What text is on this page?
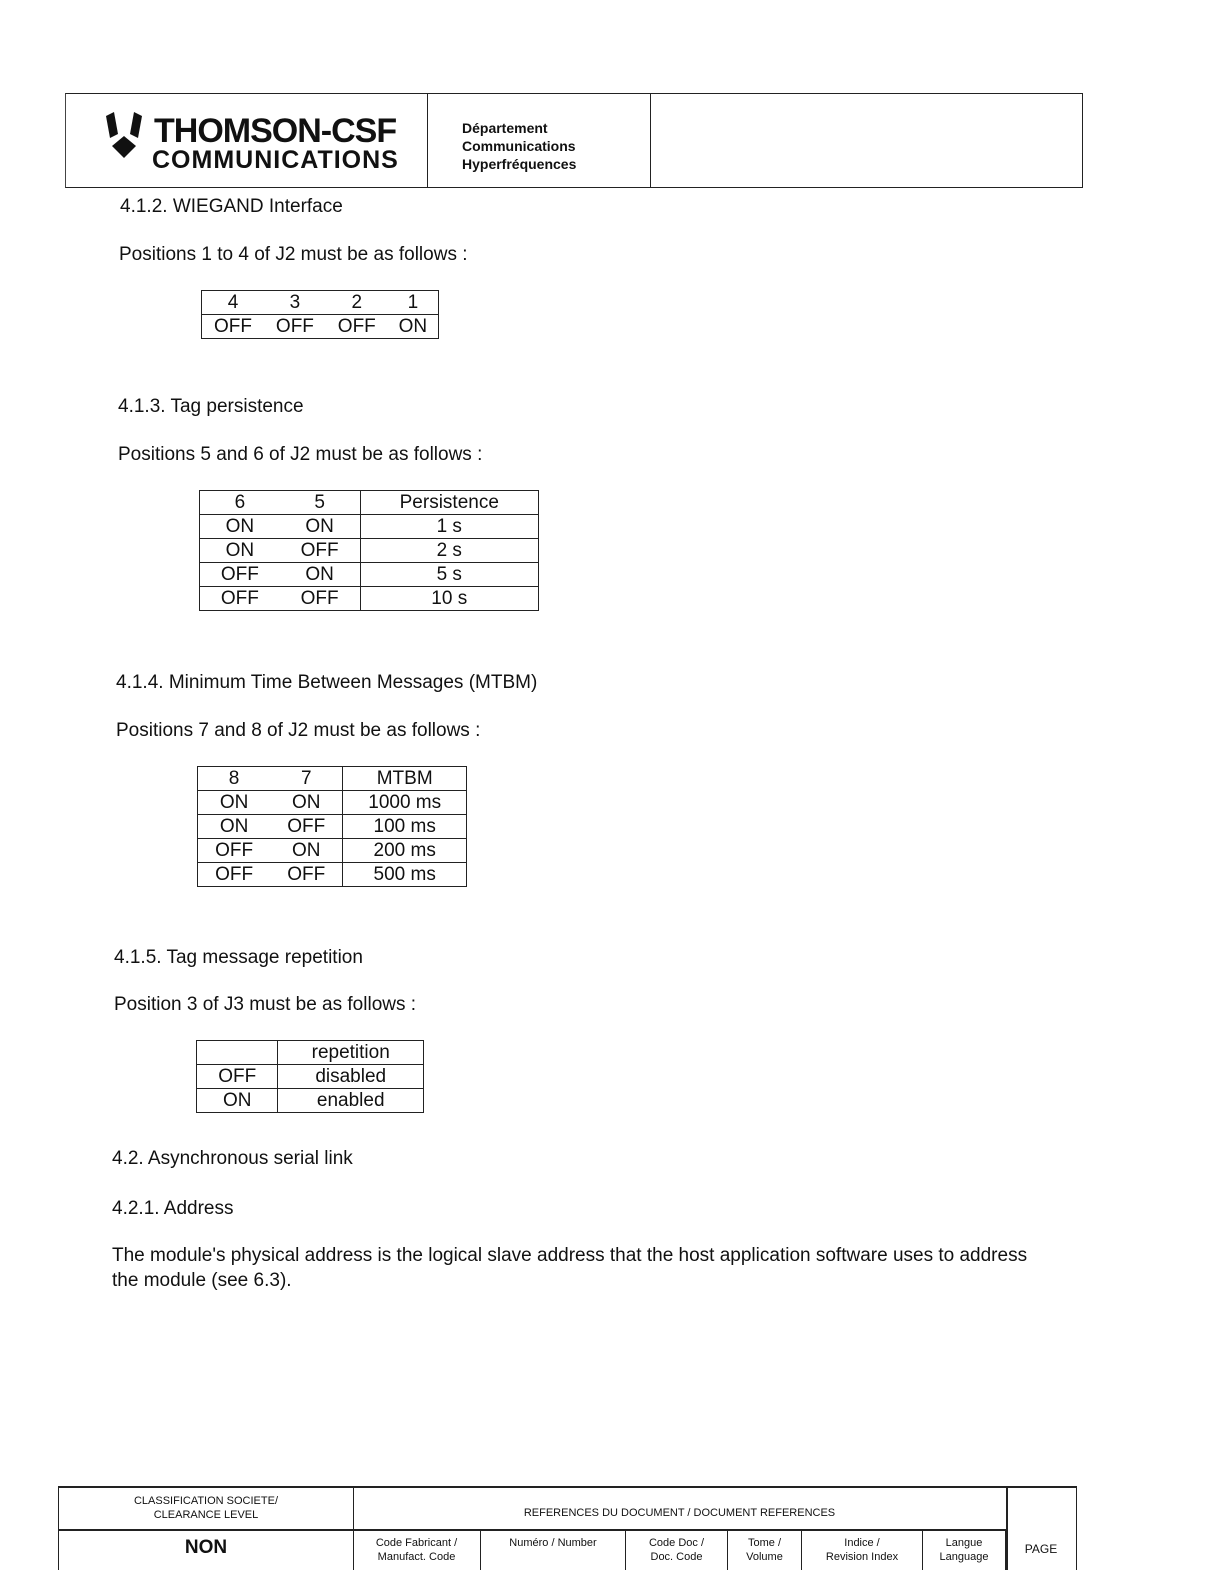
THOMSON-CSF
COMMUNICATIONS
Département
Communications
Hyperfréquences
4.1.2. WIEGAND Interface
Positions 1 to 4 of J2 must be as follows :
4	3	2	1
OFF	OFF	OFF	ON
4.1.3. Tag persistence
Positions 5 and 6 of J2 must be as follows :
6	5	Persistence
ON	ON	1 s
ON	OFF	2 s
OFF	ON	5 s
OFF	OFF	10 s
4.1.4. Minimum Time Between Messages (MTBM)
Positions 7 and 8 of J2 must be as follows :
8	7	MTBM
ON	ON	1000 ms
ON	OFF	100 ms
OFF	ON	200 ms
OFF	OFF	500 ms
4.1.5. Tag message repetition
Position 3 of J3 must be as follows :
	repetition
OFF	disabled
ON	enabled
4.2. Asynchronous serial link
4.2.1. Address
The module's physical address is the logical slave address that the host application software uses to address
the module (see 6.3).
CLASSIFICATION SOCIETE/
CLEARANCE LEVEL	REFERENCES DU DOCUMENT / DOCUMENT REFERENCES
NON	Code Fabricant /
Manufact. Code
Numéro / Number	Code Doc /
Doc. Code
Tome /
Volume
Indice /
Revision Index
Langue
Language
PAGE
